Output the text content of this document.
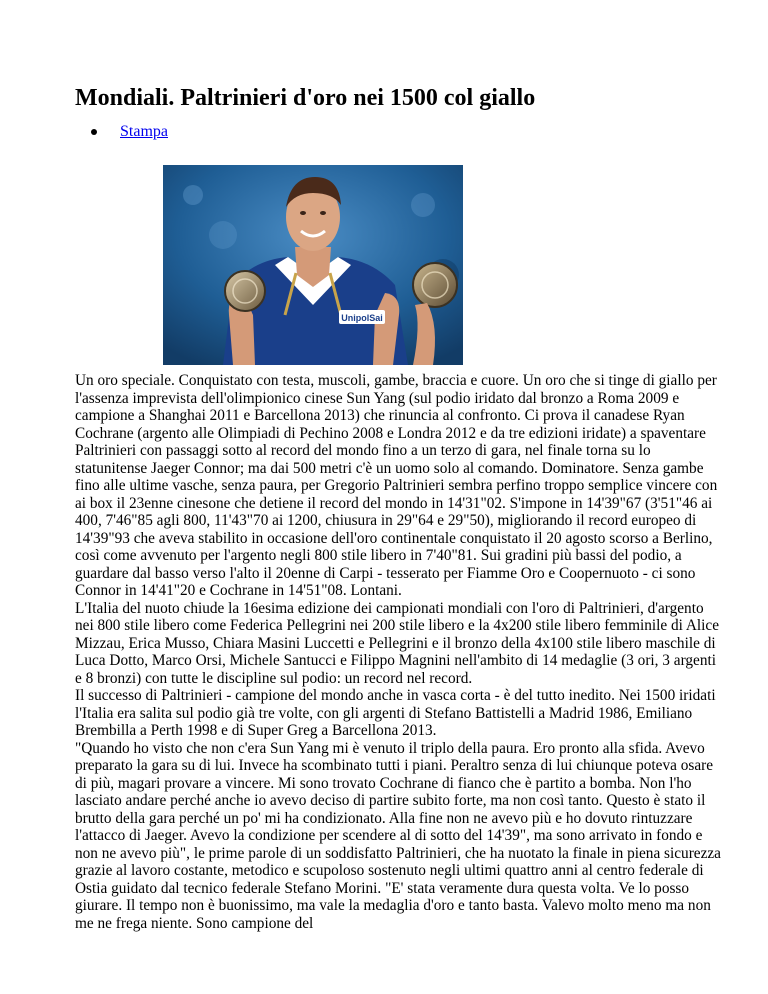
Mondiali. Paltrinieri d'oro nei 1500 col giallo
Stampa
UnipolSai

Un oro speciale. Conquistato con testa, muscoli, gambe, braccia e cuore. Un oro che si tinge di giallo per l'assenza imprevista dell'olimpionico cinese Sun Yang (sul podio iridato dal bronzo a Roma 2009 e campione a Shanghai 2011 e Barcellona 2013) che rinuncia al confronto. Ci prova il canadese Ryan Cochrane (argento alle Olimpiadi di Pechino 2008 e Londra 2012 e da tre edizioni iridate) a spaventare Paltrinieri con passaggi sotto al record del mondo fino a un terzo di gara, nel finale torna su lo statunitense Jaeger Connor; ma dai 500 metri c'è un uomo solo al comando. Dominatore. Senza gambe fino alle ultime vasche, senza paura, per Gregorio Paltrinieri sembra perfino troppo semplice vincere con ai box il 23enne cinesone che detiene il record del mondo in 14'31"02. S'impone in 14'39"67 (3'51"46 ai 400, 7'46"85 agli 800, 11'43"70 ai 1200, chiusura in 29"64 e 29"50), migliorando il record europeo di 14'39"93 che aveva stabilito in occasione dell'oro continentale conquistato il 20 agosto scorso a Berlino, così come avvenuto per l'argento negli 800 stile libero in 7'40"81. Sui gradini più bassi del podio, a guardare dal basso verso l'alto il 20enne di Carpi - tesserato per Fiamme Oro e Coopernuoto - ci sono Connor in 14'41"20 e Cochrane in 14'51"08. Lontani.

L'Italia del nuoto chiude la 16esima edizione dei campionati mondiali con l'oro di Paltrinieri, d'argento nei 800 stile libero come Federica Pellegrini nei 200 stile libero e la 4x200 stile libero femminile di Alice Mizzau, Erica Musso, Chiara Masini Luccetti e Pellegrini e il bronzo della 4x100 stile libero maschile di Luca Dotto, Marco Orsi, Michele Santucci e Filippo Magnini nell'ambito di 14 medaglie (3 ori, 3 argenti e 8 bronzi) con tutte le discipline sul podio: un record nel record.

Il successo di Paltrinieri - campione del mondo anche in vasca corta - è del tutto inedito. Nei 1500 iridati l'Italia era salita sul podio già tre volte, con gli argenti di Stefano Battistelli a Madrid 1986, Emiliano Brembilla a Perth 1998 e di Super Greg a Barcellona 2013.

"Quando ho visto che non c'era Sun Yang mi è venuto il triplo della paura. Ero pronto alla sfida. Avevo preparato la gara su di lui. Invece ha scombinato tutti i piani. Peraltro senza di lui chiunque poteva osare di più, magari provare a vincere. Mi sono trovato Cochrane di fianco che è partito a bomba. Non l'ho lasciato andare perché anche io avevo deciso di partire subito forte, ma non così tanto. Questo è stato il brutto della gara perché un po' mi ha condizionato. Alla fine non ne avevo più e ho dovuto rintuzzare l'attacco di Jaeger. Avevo la condizione per scendere al di sotto del 14'39", ma sono arrivato in fondo e non ne avevo più", le prime parole di un soddisfatto Paltrinieri, che ha nuotato la finale in piena sicurezza grazie al lavoro costante, metodico e scupoloso sostenuto negli ultimi quattro anni al centro federale di Ostia guidato dal tecnico federale Stefano Morini. "E' stata veramente dura questa volta. Ve lo posso giurare. Il tempo non è buonissimo, ma vale la medaglia d'oro e tanto basta. Valevo molto meno ma non me ne frega niente. Sono campione del
